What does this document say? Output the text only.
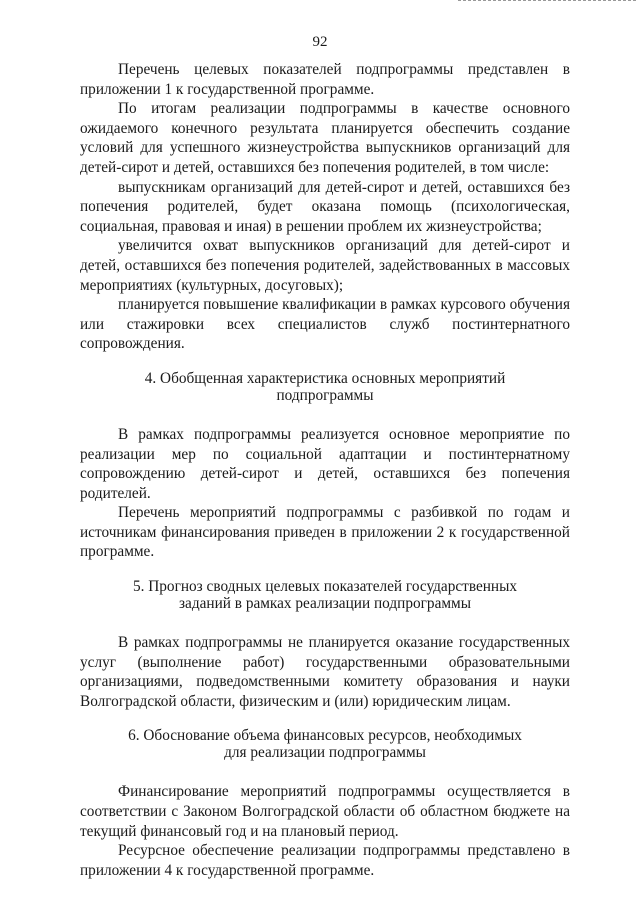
92

Перечень целевых показателей подпрограммы представлен в приложении 1 к государственной программе.

По итогам реализации подпрограммы в качестве основного ожидаемого конечного результата планируется обеспечить создание условий для успешного жизнеустройства выпускников организаций для детей-сирот и детей, оставшихся без попечения родителей, в том числе:

выпускникам организаций для детей-сирот и детей, оставшихся без попечения родителей, будет оказана помощь (психологическая, социальная, правовая и иная) в решении проблем их жизнеустройства;

увеличится охват выпускников организаций для детей-сирот и детей, оставшихся без попечения родителей, задействованных в массовых мероприятиях (культурных, досуговых);

планируется повышение квалификации в рамках курсового обучения или стажировки всех специалистов служб постинтернатного сопровождения.

4. Обобщенная характеристика основных мероприятий
подпрограммы

В рамках подпрограммы реализуется основное мероприятие по реализации мер по социальной адаптации и постинтернатному сопровождению детей-сирот и детей, оставшихся без попечения родителей.

Перечень мероприятий подпрограммы с разбивкой по годам и источникам финансирования приведен в приложении 2 к государственной программе.

5. Прогноз сводных целевых показателей государственных
заданий в рамках реализации подпрограммы

В рамках подпрограммы не планируется оказание государственных услуг (выполнение работ) государственными образовательными организациями, подведомственными комитету образования и науки Волгоградской области, физическим и (или) юридическим лицам.

6. Обоснование объема финансовых ресурсов, необходимых
для реализации подпрограммы

Финансирование мероприятий подпрограммы осуществляется в соответствии с Законом Волгоградской области об областном бюджете на текущий финансовый год и на плановый период.

Ресурсное обеспечение реализации подпрограммы представлено в приложении 4 к государственной программе.
